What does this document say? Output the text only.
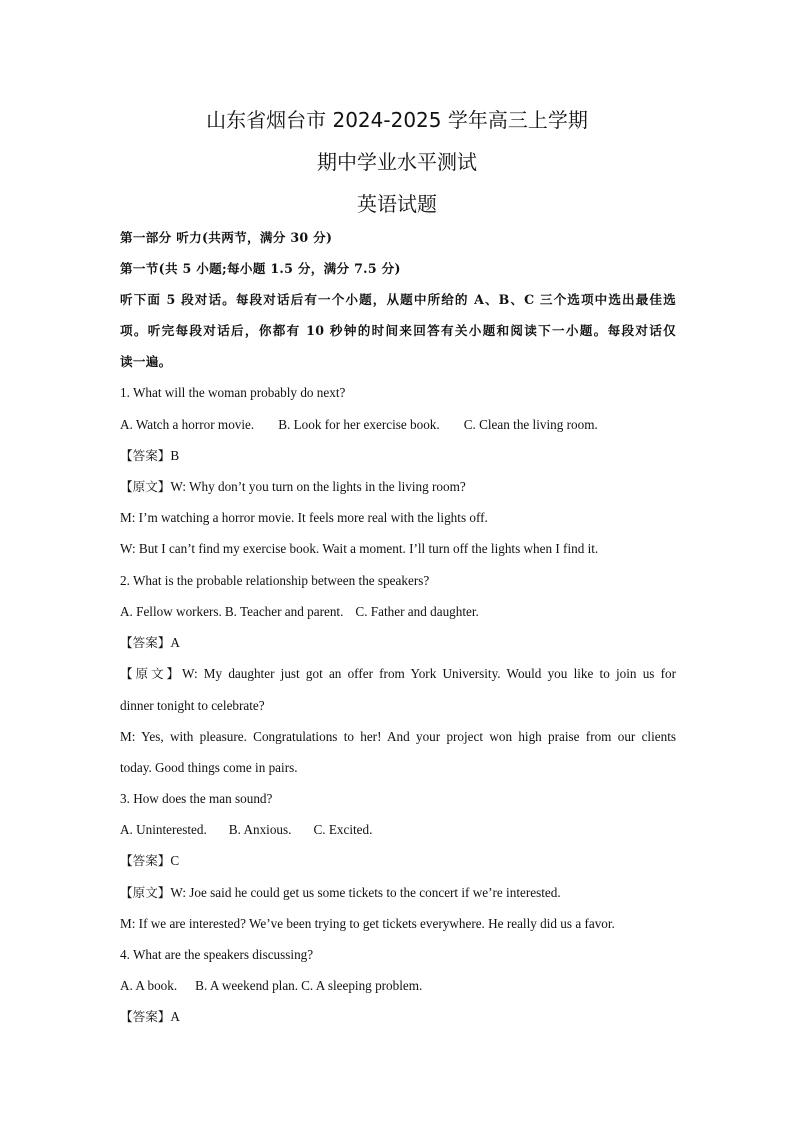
山东省烟台市 2024-2025 学年高三上学期
期中学业水平测试
英语试题

第一部分 听力(共两节，满分 30 分)

第一节(共 5 小题;每小题 1.5 分，满分 7.5 分)

听下面 5 段对话。每段对话后有一个小题，从题中所给的 A、B、C 三个选项中选出最佳选

项。听完每段对话后，你都有 10 秒钟的时间来回答有关小题和阅读下一小题。每段对话仅

读一遍。

1. What will the woman probably do next?

A. Watch a horror movie. B. Look for her exercise book. C. Clean the living room.

【答案】B

【原文】W: Why don’t you turn on the lights in the living room?

M: I’m watching a horror movie. It feels more real with the lights off.

W: But I can’t find my exercise book. Wait a moment. I’ll turn off the lights when I find it.

2. What is the probable relationship between the speakers?

A. Fellow workers. B. Teacher and parent. C. Father and daughter.

【答案】A

【原文】W: My daughter just got an offer from York University. Would you like to join us for

dinner tonight to celebrate?

M: Yes, with pleasure. Congratulations to her! And your project won high praise from our clients

today. Good things come in pairs.

3. How does the man sound?

A. Uninterested. B. Anxious. C. Excited.

【答案】C

【原文】W: Joe said he could get us some tickets to the concert if we’re interested.

M: If we are interested? We’ve been trying to get tickets everywhere. He really did us a favor.

4. What are the speakers discussing?

A. A book. B. A weekend plan. C. A sleeping problem.

【答案】A
